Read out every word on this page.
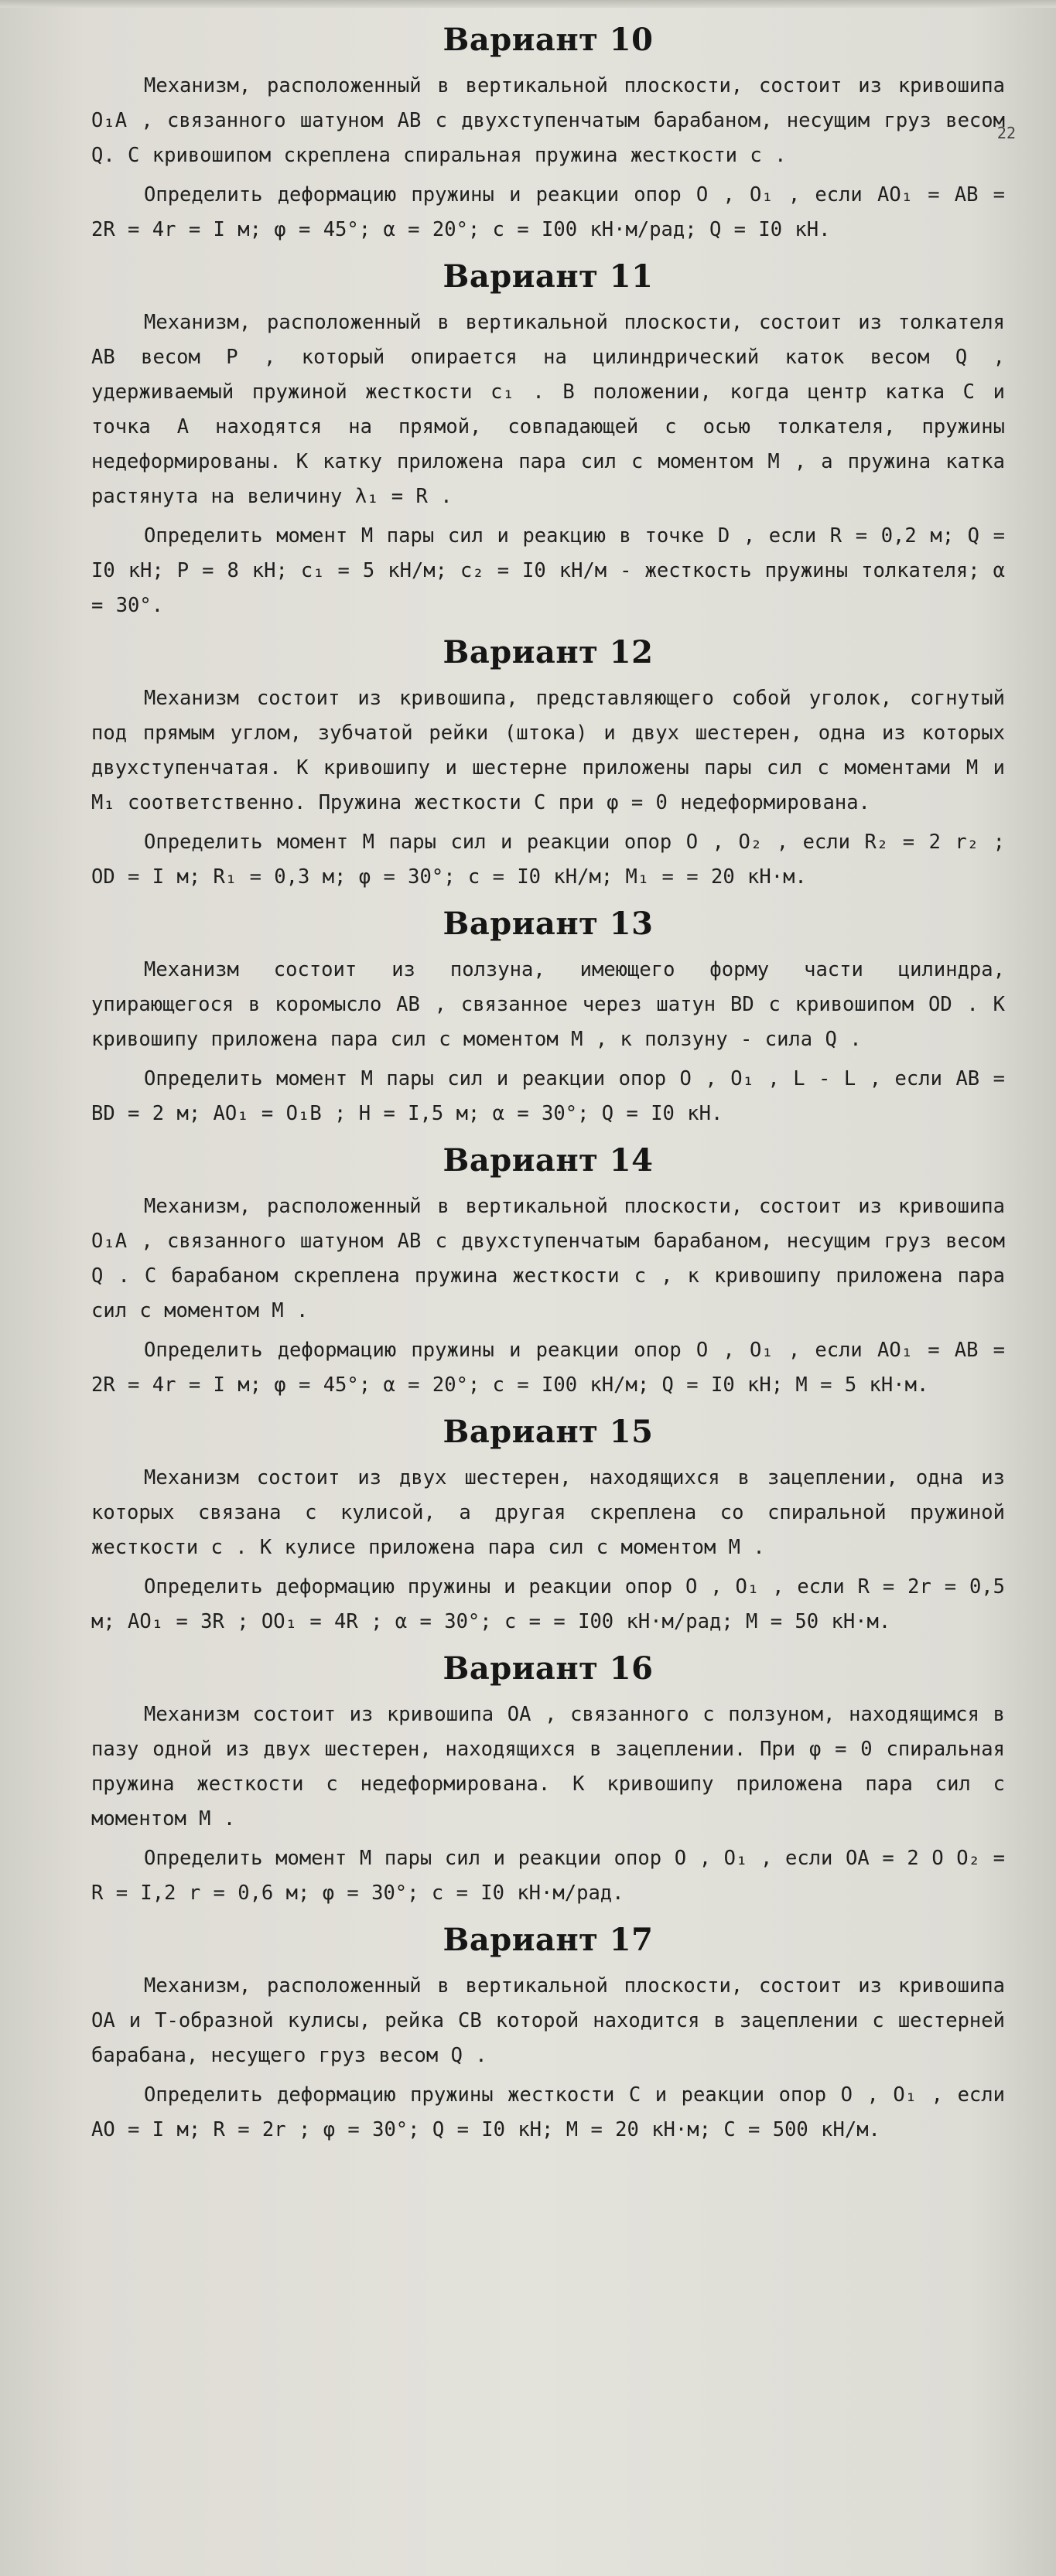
22
Вариант 10

Механизм, расположенный в вертикальной плоскости, состоит из кривошипа O₁A , связанного шатуном AB с двухступенчатым барабаном, несущим груз весом Q. С кривошипом скреплена спиральная пружина жесткости c .

Определить деформацию пружины и реакции опор O , O₁ , если AO₁ = AB = 2R = 4r = I м; φ = 45°; α = 20°; c = I00 кН·м/рад; Q = I0 кН.

Вариант 11

Механизм, расположенный в вертикальной плоскости, состоит из толкателя AB весом P , который опирается на цилиндрический каток весом Q , удерживаемый пружиной жесткости c₁ . В положении, когда центр катка C и точка A находятся на прямой, совпадающей с осью толкателя, пружины недеформированы. К катку приложена пара сил с моментом M , а пружина катка растянута на величину λ₁ = R .

Определить момент M пары сил и реакцию в точке D , если R = 0,2 м; Q = I0 кН; P = 8 кН; c₁ = 5 кН/м; c₂ = I0 кН/м - жесткость пружины толкателя; α = 30°.

Вариант 12

Механизм состоит из кривошипа, представляющего собой уголок, согнутый под прямым углом, зубчатой рейки (штока) и двух шестерен, одна из которых двухступенчатая. К кривошипу и шестерне приложены пары сил с моментами M и M₁ соответственно. Пружина жесткости C при φ = 0 недеформирована.

Определить момент M пары сил и реакции опор O , O₂ , если R₂ = 2 r₂ ; OD = I м; R₁ = 0,3 м; φ = 30°; c = I0 кН/м; M₁ = = 20 кН·м.

Вариант 13

Механизм состоит из ползуна, имеющего форму части цилиндра, упирающегося в коромысло AB , связанное через шатун BD с кривошипом OD . К кривошипу приложена пара сил с моментом M , к ползуну - сила Q .

Определить момент M пары сил и реакции опор O , O₁ , L - L , если AB = BD = 2 м; AO₁ = O₁B ; H = I,5 м; α = 30°; Q = I0 кН.

Вариант 14

Механизм, расположенный в вертикальной плоскости, состоит из кривошипа O₁A , связанного шатуном AB с двухступенчатым барабаном, несущим груз весом Q . С барабаном скреплена пружина жесткости c , к кривошипу приложена пара сил с моментом M .

Определить деформацию пружины и реакции опор O , O₁ , если AO₁ = AB = 2R = 4r = I м; φ = 45°; α = 20°; c = I00 кН/м; Q = I0 кН; M = 5 кН·м.

Вариант 15

Механизм состоит из двух шестерен, находящихся в зацеплении, одна из которых связана с кулисой, а другая скреплена со спиральной пружиной жесткости c . К кулисе приложена пара сил с моментом M .

Определить деформацию пружины и реакции опор O , O₁ , если R = 2r = 0,5 м; AO₁ = 3R ; OO₁ = 4R ; α = 30°; c = = I00 кН·м/рад; M = 50 кН·м.

Вариант 16

Механизм состоит из кривошипа OA , связанного с ползуном, находящимся в пазу одной из двух шестерен, находящихся в зацеплении. При φ = 0 спиральная пружина жесткости c недеформирована. К кривошипу приложена пара сил с моментом M .

Определить момент M пары сил и реакции опор O , O₁ , если OA = 2 O O₂ = R = I,2 r = 0,6 м; φ = 30°; c = I0 кН·м/рад.

Вариант 17

Механизм, расположенный в вертикальной плоскости, состоит из кривошипа OA и T-образной кулисы, рейка CB которой находится в зацеплении с шестерней барабана, несущего груз весом Q .

Определить деформацию пружины жесткости C и реакции опор O , O₁ , если AO = I м; R = 2r ; φ = 30°; Q = I0 кН; M = 20 кН·м; C = 500 кН/м.
